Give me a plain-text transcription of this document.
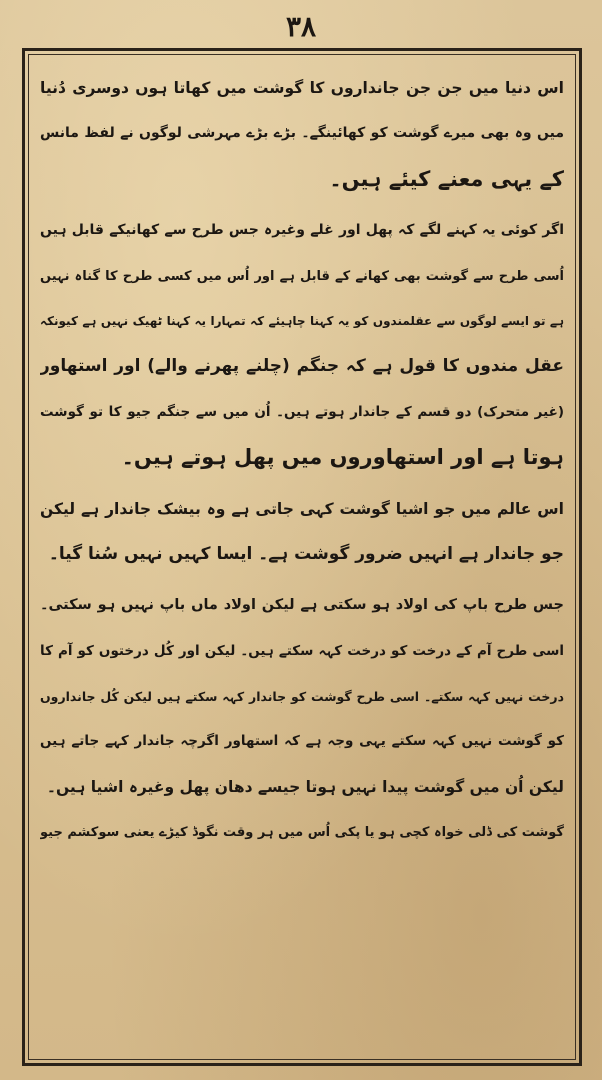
۳۸
اس دنیا میں جن جن جانداروں کا گوشت میں کھاتا ہوں دوسری دُنیا
میں وہ بھی میرے گوشت کو کھائینگے۔ بڑے بڑے مہرشی لوگوں نے لفظ مانس
کے یہی معنے کیئے ہیں۔
اگر کوئی یہ کہنے لگے کہ پھل اور غلے وغیرہ جس طرح سے کھانیکے قابل ہیں
اُسی طرح سے گوشت بھی کھانے کے قابل ہے اور اُس میں کسی طرح کا گناہ نہیں
ہے تو ایسے لوگوں سے عقلمندوں کو یہ کہنا چاہیئے کہ تمہارا یہ کہنا ٹھیک نہیں ہے کیونکہ
عقل مندوں کا قول ہے کہ جنگم (چلنے پھرنے والے) اور استھاور
(غیر متحرک) دو قسم کے جاندار ہوتے ہیں۔ اُن میں سے جنگم جیو کا تو گوشت
ہوتا ہے اور استھاوروں میں پھل ہوتے ہیں۔
اس عالم میں جو اشیا گوشت کہی جاتی ہے وہ بیشک جاندار ہے لیکن
جو جاندار ہے انہیں ضرور گوشت ہے۔ ایسا کہیں نہیں سُنا گیا۔
جس طرح باپ کی اولاد ہو سکتی ہے لیکن اولاد ماں باپ نہیں ہو سکتی۔
اسی طرح آم کے درخت کو درخت کہہ سکتے ہیں۔ لیکن اور کُل درختوں کو آم کا
درخت نہیں کہہ سکتے۔ اسی طرح گوشت کو جاندار کہہ سکتے ہیں لیکن کُل جانداروں
کو گوشت نہیں کہہ سکتے یہی وجہ ہے کہ استھاور اگرچہ جاندار کہے جاتے ہیں
لیکن اُن میں گوشت پیدا نہیں ہوتا جیسے دھان پھل وغیرہ اشیا ہیں۔
گوشت کی ڈلی خواہ کچی ہو یا پکی اُس میں ہر وقت نگوڈ کیڑے یعنی سوکشم جیو
